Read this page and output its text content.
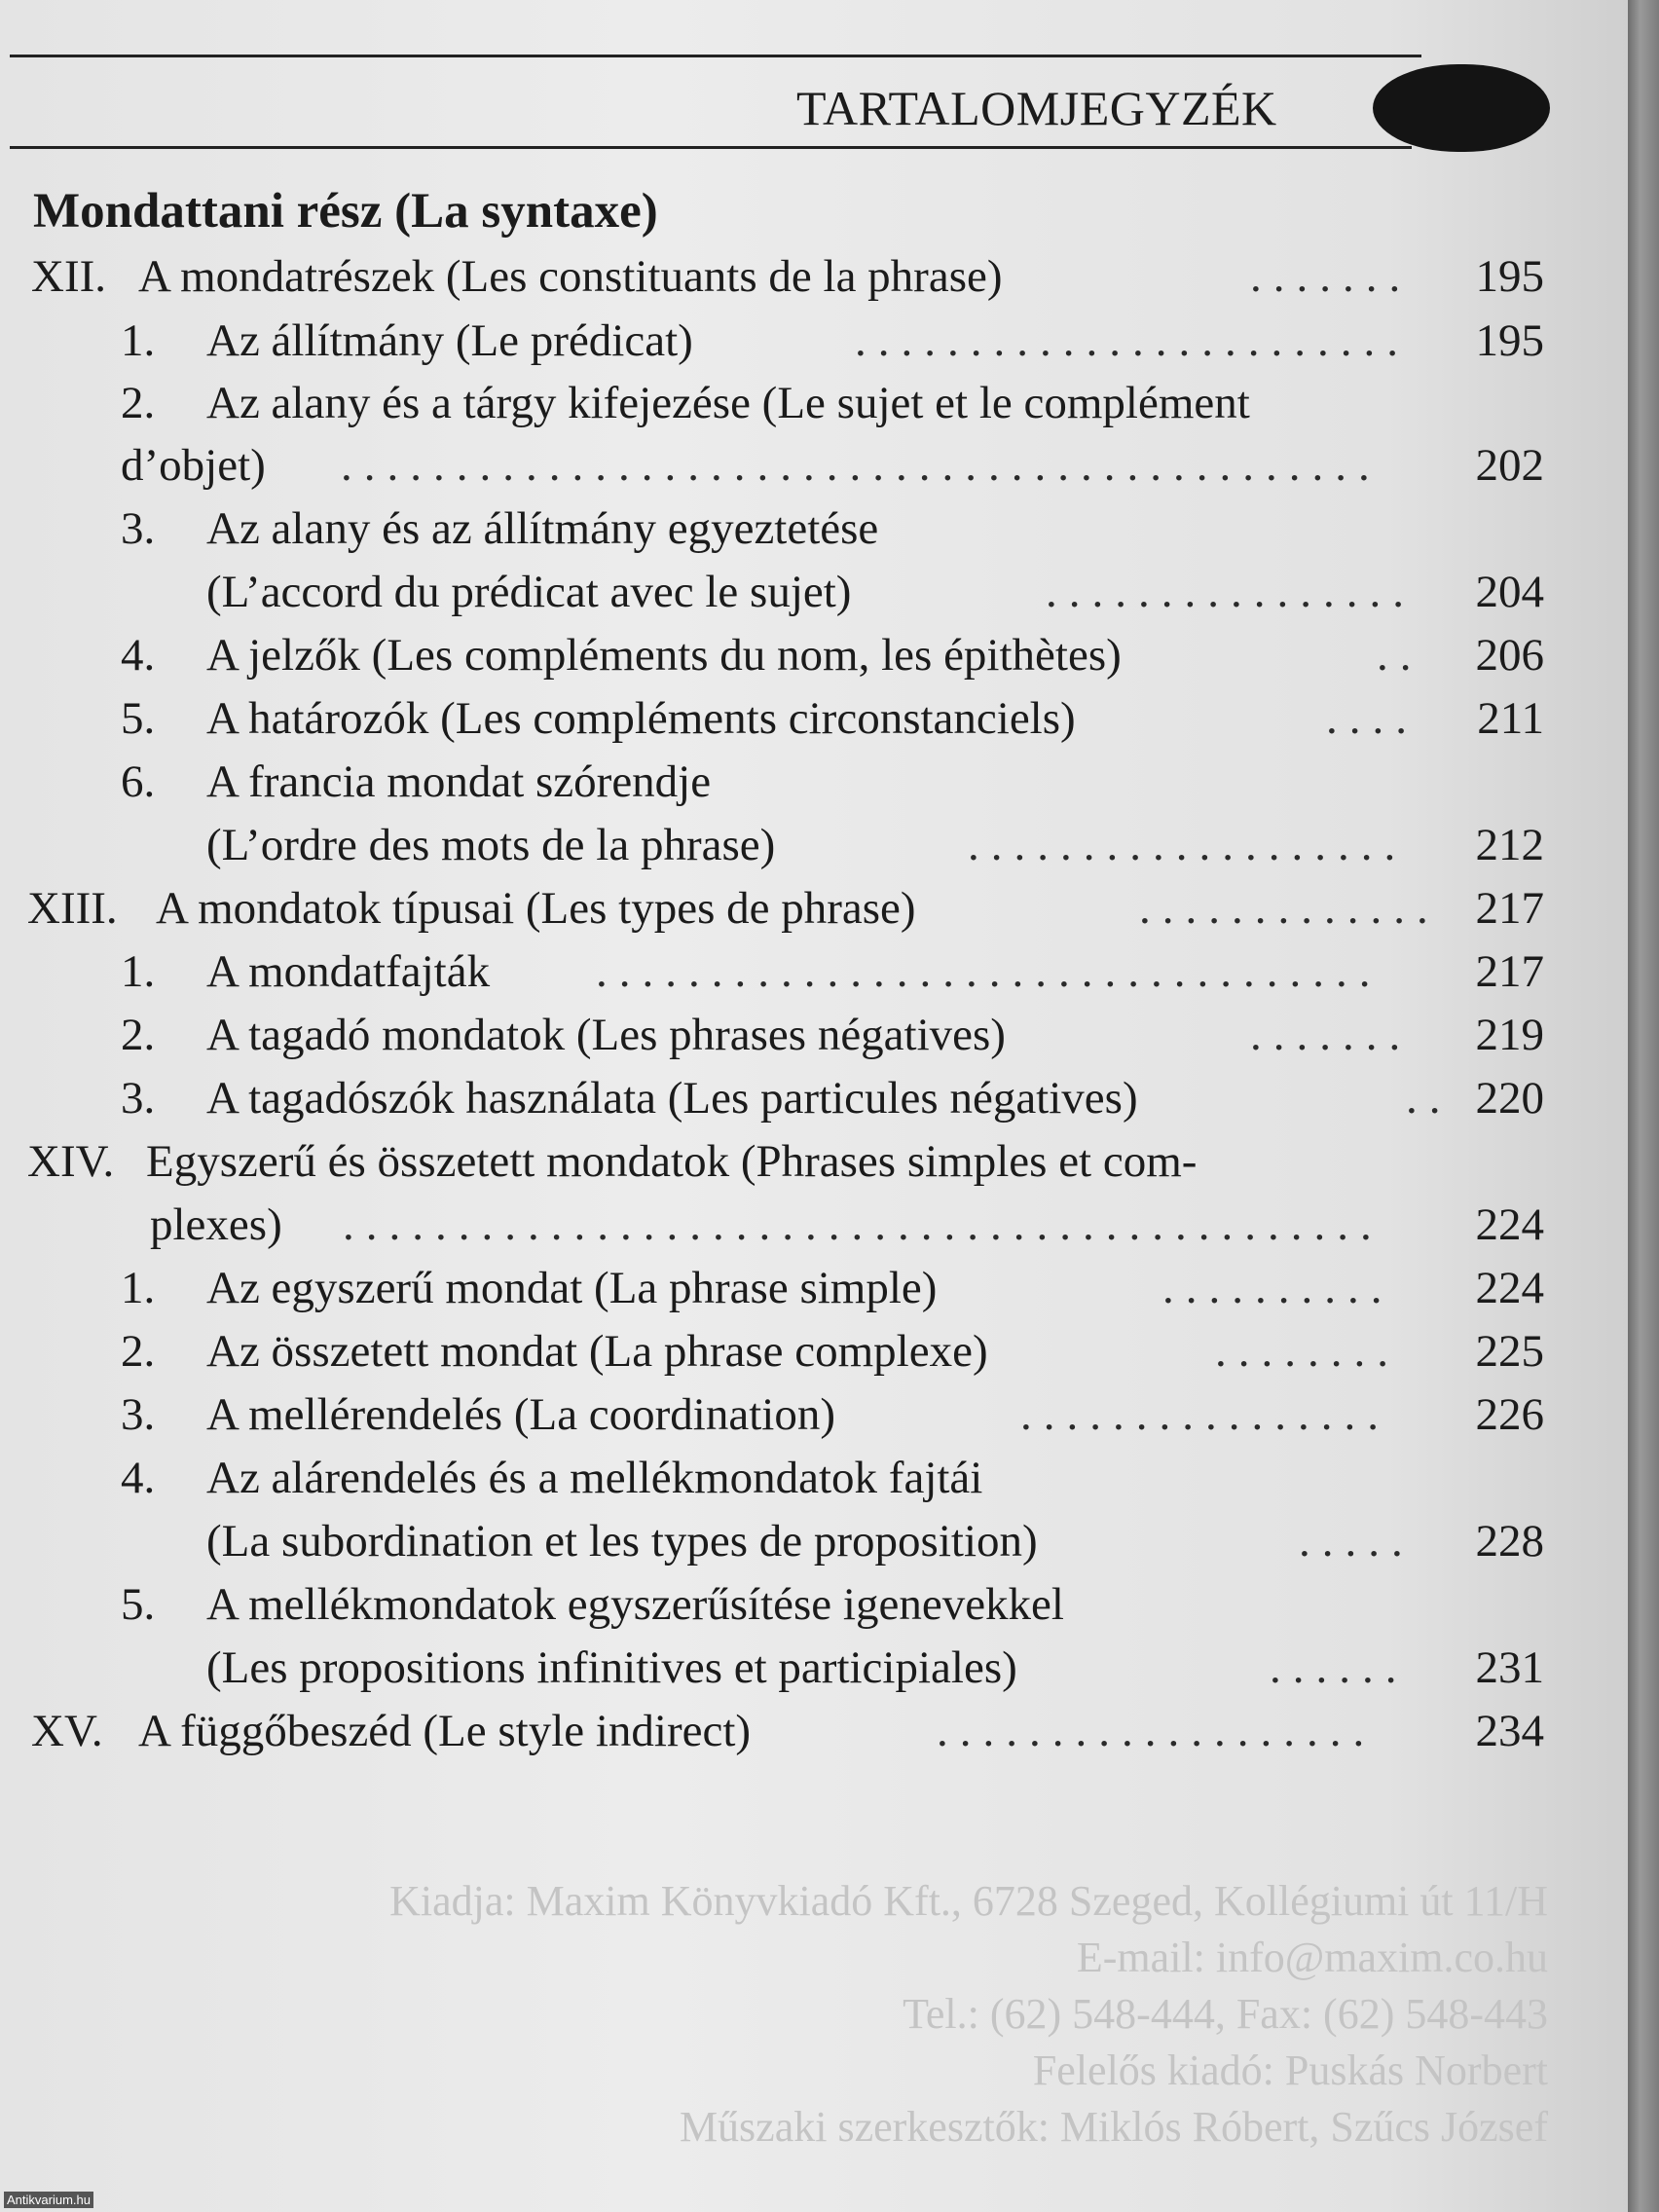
TARTALOMJEGYZÉK
Mondattani rész (La syntaxe)
XII. A mondatrészek (Les constituants de la phrase)	....... 195
1. Az állítmány (Le prédicat)	........................	195
2. Az alany és a tárgy kifejezése (Le sujet et le complément
d’objet) .............................................	202
3. Az alany és az állítmány egyeztetése
(L’accord du prédicat avec le sujet)	................ 204
4. A jelzők (Les compléments du nom, les épithètes)	.. 206
5. A határozók (Les compléments circonstanciels)	.... 211
6. A francia mondat szórendje
(L’ordre des mots de la phrase)	...................	212
XIII. A mondatok típusai (Les types de phrase)	............. 217
1. A mondatfajták ..................................	217
2. A tagadó mondatok (Les phrases négatives)	.......	219
3. A tagadószók használata (Les particules négatives)	.. 220
XIV. Egyszerű és összetett mondatok (Phrases simples et com-
plexes) .............................................	224
1. Az egyszerű mondat (La phrase simple)	..........	224
2. Az összetett mondat (La phrase complexe)	........	225
3. A mellérendelés (La coordination)	................	226
4. Az alárendelés és a mellékmondatok fajtái
(La subordination et les types de proposition)	..... 228
5. A mellékmondatok egyszerűsítése igenevekkel
(Les propositions infinitives et participiales)	......	231
XV. A függőbeszéd (Le style indirect)	...................	234
Kiadja: Maxim Könyvkiadó Kft., 6728 Szeged, Kollégiumi út 11/H
E-mail: info@maxim.co.hu
Tel.: (62) 548-444, Fax: (62) 548-443
Felelős kiadó: Puskás Norbert
Műszaki szerkesztők: Miklós Róbert, Szűcs József
Antikvarium.hu
